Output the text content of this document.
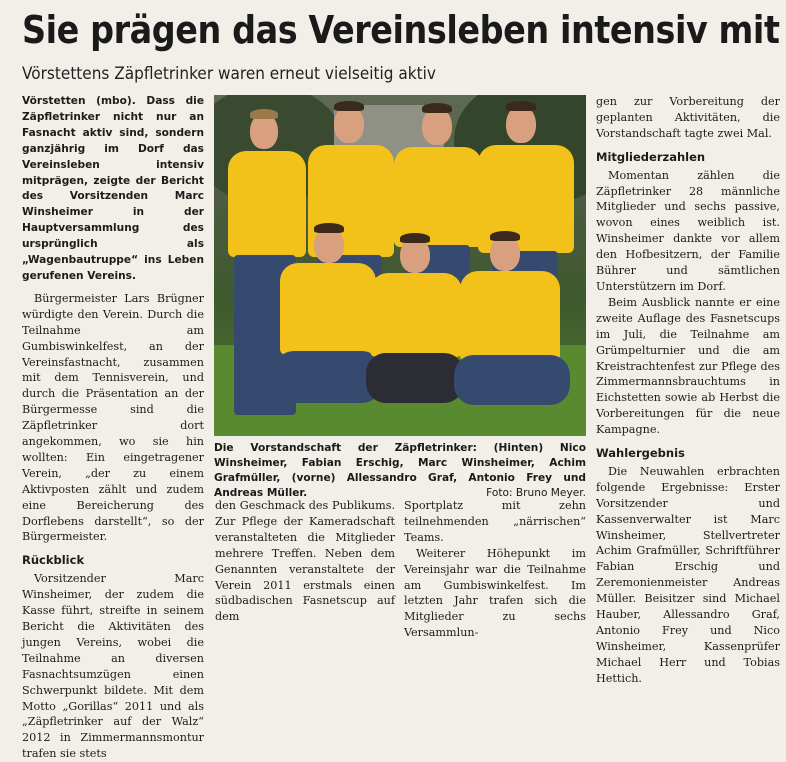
Sie prägen das Vereinsleben intensiv mit
Vörstettens Zäpfletrinker waren erneut vielseitig aktiv

Vörstetten (mbo). Dass die Zäpfletrinker nicht nur an Fasnacht aktiv sind, sondern ganzjährig im Dorf das Vereinsleben intensiv mitprägen, zeigte der Bericht des Vorsitzenden Marc Winsheimer in der Hauptversammlung des ursprünglich als „Wagenbautruppe“ ins Leben gerufenen Vereins.

Bürgermeister Lars Brügner würdigte den Verein. Durch die Teilnahme am Gumbiswinkelfest, an der Vereinsfastnacht, zusammen mit dem Tennisverein, und durch die Präsentation an der Bürgermesse sind die Zäpfletrinker dort angekommen, wo sie hin wollten: Ein eingetragener Verein, „der zu einem Aktivposten zählt und zudem eine Bereicherung des Dorflebens darstellt“, so der Bürgermeister.

Rückblick

Vorsitzender Marc Winsheimer, der zudem die Kasse führt, streifte in seinem Bericht die Aktivitäten des jungen Vereins, wobei die Teilnahme an diversen Fasnachtsumzügen einen Schwerpunkt bildete. Mit dem Motto „Gorillas“ 2011 und als „Zäpfletrinker auf der Walz“ 2012 in Zimmermannsmontur trafen sie stets

Die Vorstandschaft der Zäpfletrinker: (Hinten) Nico Winsheimer, Fabian Erschig, Marc Winsheimer, Achim Grafmüller, (vorne) Allessandro Graf, Antonio Frey und Andreas Müller.	Foto: Bruno Meyer.

den Geschmack des Publikums. Zur Pflege der Kameradschaft veranstalteten die Mitglieder mehrere Treffen. Neben dem Genannten veranstaltete der Verein 2011 erstmals einen südbadischen Fasnetscup auf dem

Sportplatz mit zehn teilnehmenden „närrischen“ Teams.

Weiterer Höhepunkt im Vereinsjahr war die Teilnahme am Gumbiswinkelfest. Im letzten Jahr trafen sich die Mitglieder zu sechs Versammlun-

gen zur Vorbereitung der geplanten Aktivitäten, die Vorstandschaft tagte zwei Mal.

Mitgliederzahlen

Momentan zählen die Zäpfletrinker 28 männliche Mitglieder und sechs passive, wovon eines weiblich ist. Winsheimer dankte vor allem den Hofbesitzern, der Familie Bührer und sämtlichen Unterstützern im Dorf.

Beim Ausblick nannte er eine zweite Auflage des Fasnetscups im Juli, die Teilnahme am Grümpelturnier und die am Kreistrachtenfest zur Pflege des Zimmermannsbrauchtums in Eichstetten sowie ab Herbst die Vorbereitungen für die neue Kampagne.

Wahlergebnis

Die Neuwahlen erbrachten folgende Ergebnisse: Erster Vorsitzender und Kassenverwalter ist Marc Winsheimer, Stellvertreter Achim Grafmüller, Schriftführer Fabian Erschig und Zeremonienmeister Andreas Müller. Beisitzer sind Michael Hauber, Allessandro Graf, Antonio Frey und Nico Winsheimer, Kassenprüfer Michael Herr und Tobias Hettich.
